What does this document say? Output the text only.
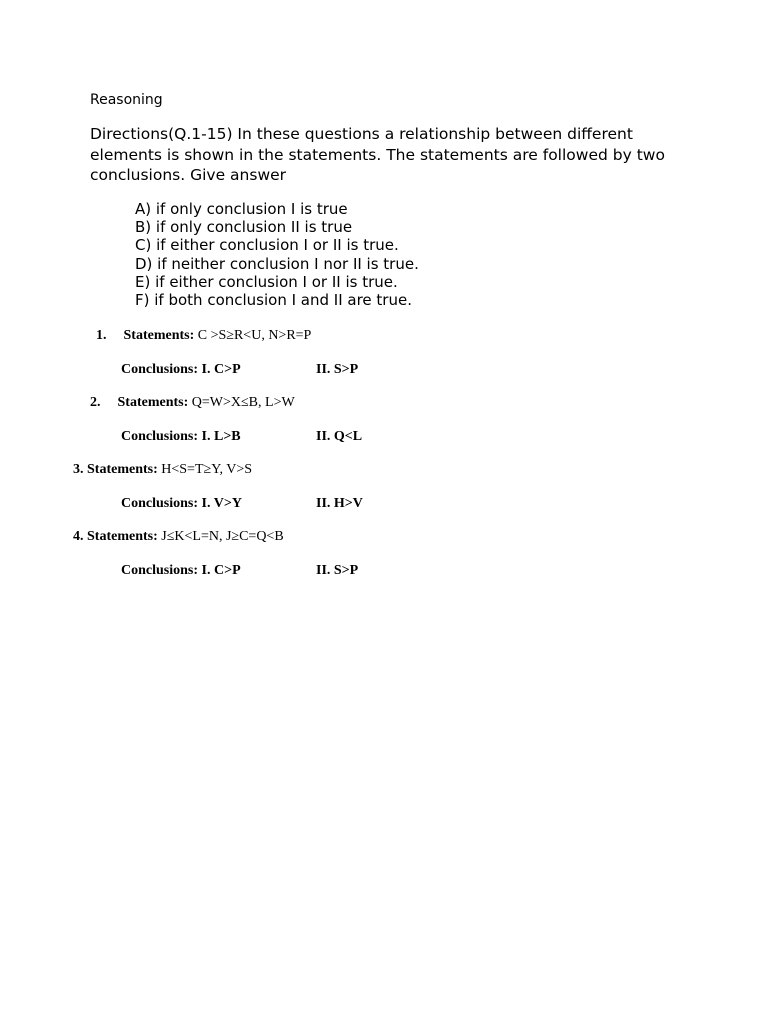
Reasoning
Directions(Q.1-15) In these questions a relationship between different elements is shown in the statements. The statements are followed by two conclusions. Give answer
A) if only conclusion I is true
B) if only conclusion II is true
C) if either conclusion I or II is true.
D) if neither conclusion I nor II is true.
E) if either conclusion I or II is true.
F) if both conclusion I and II are true.
1. Statements: C >S≥R<U, N>R=P
Conclusions: I. C>P	II. S>P
2. Statements: Q=W>X≤B, L>W
Conclusions: I. L>B	II. Q<L
3. Statements: H<S=T≥Y, V>S
Conclusions: I. V>Y	II. H>V
4. Statements: J≤K<L=N, J≥C=Q<B
Conclusions: I. C>P	II. S>P
